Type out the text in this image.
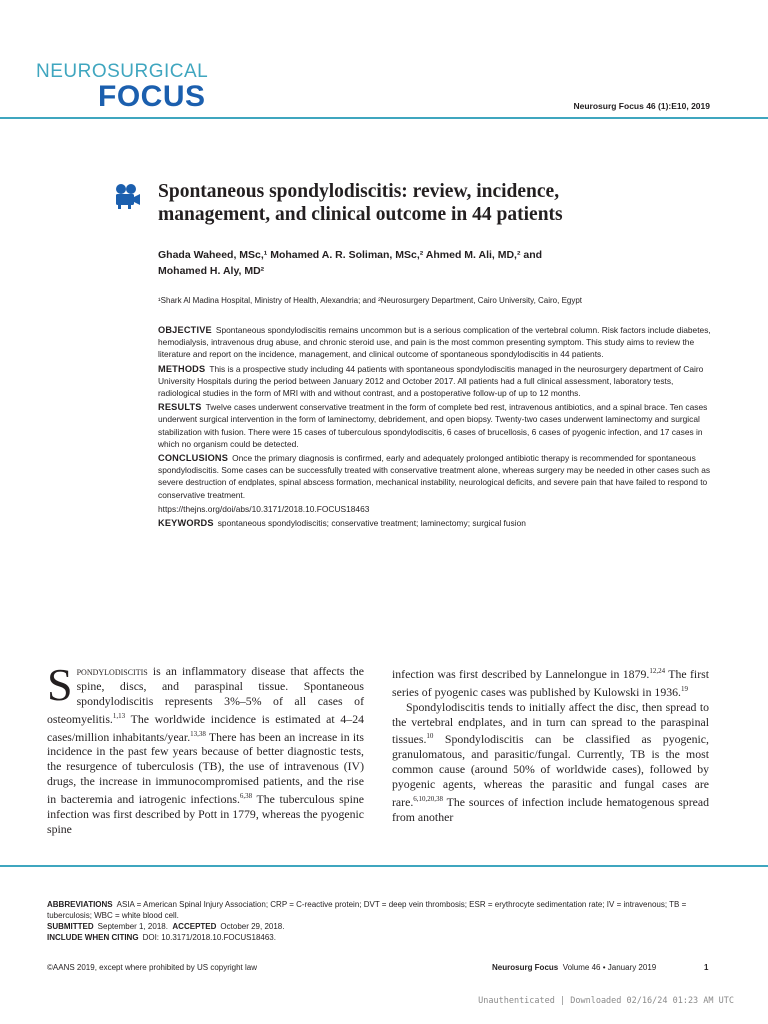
NEUROSURGICAL
FOCUS	Neurosurg Focus 46 (1):E10, 2019
Spontaneous spondylodiscitis: review, incidence, management, and clinical outcome in 44 patients
Ghada Waheed, MSc,¹ Mohamed A. R. Soliman, MSc,² Ahmed M. Ali, MD,² and
Mohamed H. Aly, MD²
¹Shark Al Madina Hospital, Ministry of Health, Alexandria; and ²Neurosurgery Department, Cairo University, Cairo, Egypt

OBJECTIVE Spontaneous spondylodiscitis remains uncommon but is a serious complication of the vertebral column. Risk factors include diabetes, hemodialysis, intravenous drug abuse, and chronic steroid use, and pain is the most common presenting symptom. This study aims to review the literature and report on the incidence, management, and clinical outcome of spontaneous spondylodiscitis in 44 patients.

METHODS This is a prospective study including 44 patients with spontaneous spondylodiscitis managed in the neurosurgery department of Cairo University Hospitals during the period between January 2012 and October 2017. All patients had a full clinical assessment, laboratory tests, radiological studies in the form of MRI with and without contrast, and a postoperative follow-up of up to 12 months.

RESULTS Twelve cases underwent conservative treatment in the form of complete bed rest, intravenous antibiotics, and a spinal brace. Ten cases underwent surgical intervention in the form of laminectomy, debridement, and open biopsy. Twenty-two cases underwent laminectomy and surgical stabilization with fusion. There were 15 cases of tuberculous spondylodiscitis, 6 cases of brucellosis, 6 cases of pyogenic infection, and 17 cases in which no organism could be detected.

CONCLUSIONS Once the primary diagnosis is confirmed, early and adequately prolonged antibiotic therapy is recommended for spontaneous spondylodiscitis. Some cases can be successfully treated with conservative treatment alone, whereas surgery may be needed in other cases such as severe destruction of endplates, spinal abscess formation, mechanical instability, neurological deficits, and severe pain that have failed to respond to conservative treatment.

https://thejns.org/doi/abs/10.3171/2018.10.FOCUS18463

KEYWORDS spontaneous spondylodiscitis; conservative treatment; laminectomy; surgical fusion

Spondylodiscitis is an inflammatory disease that affects the spine, discs, and paraspinal tissue. Spontaneous spondylodiscitis represents 3%–5% of all cases of osteomyelitis.$^{1,13}$ The worldwide incidence is estimated at 4–24 cases/million inhabitants/year.$^{13,38}$ There has been an increase in its incidence in the past few years because of better diagnostic tests, the resurgence of tuberculosis (TB), the use of intravenous (IV) drugs, the increase in immunocompromised patients, and the rise in bacteremia and iatrogenic infections.$^{6,38}$ The tuberculous spine infection was first described by Pott in 1779, whereas the pyogenic spine

infection was first described by Lannelongue in 1879.$^{12,24}$ The first series of pyogenic cases was published by Kulowski in 1936.19

Spondylodiscitis tends to initially affect the disc, then spread to the vertebral endplates, and in turn can spread to the paraspinal tissues.$^{10}$ Spondylodiscitis can be classified as pyogenic, granulomatous, and parasitic/fungal. Currently, TB is the most common cause (around 50% of worldwide cases), followed by pyogenic agents, whereas the parasitic and fungal cases are rare.$^{6,10,20,38}$ The sources of infection include hematogenous spread from another

ABBREVIATIONS ASIA = American Spinal Injury Association; CRP = C-reactive protein; DVT = deep vein thrombosis; ESR = erythrocyte sedimentation rate; IV = intravenous; TB = tuberculosis; WBC = white blood cell.

SUBMITTED September 1, 2018. ACCEPTED October 29, 2018.

INCLUDE WHEN CITING DOI: 10.3171/2018.10.FOCUS18463.

©AANS 2019, except where prohibited by US copyright law	Neurosurg Focus Volume 46 • January 2019	1
Unauthenticated | Downloaded 02/16/24 01:23 AM UTC
